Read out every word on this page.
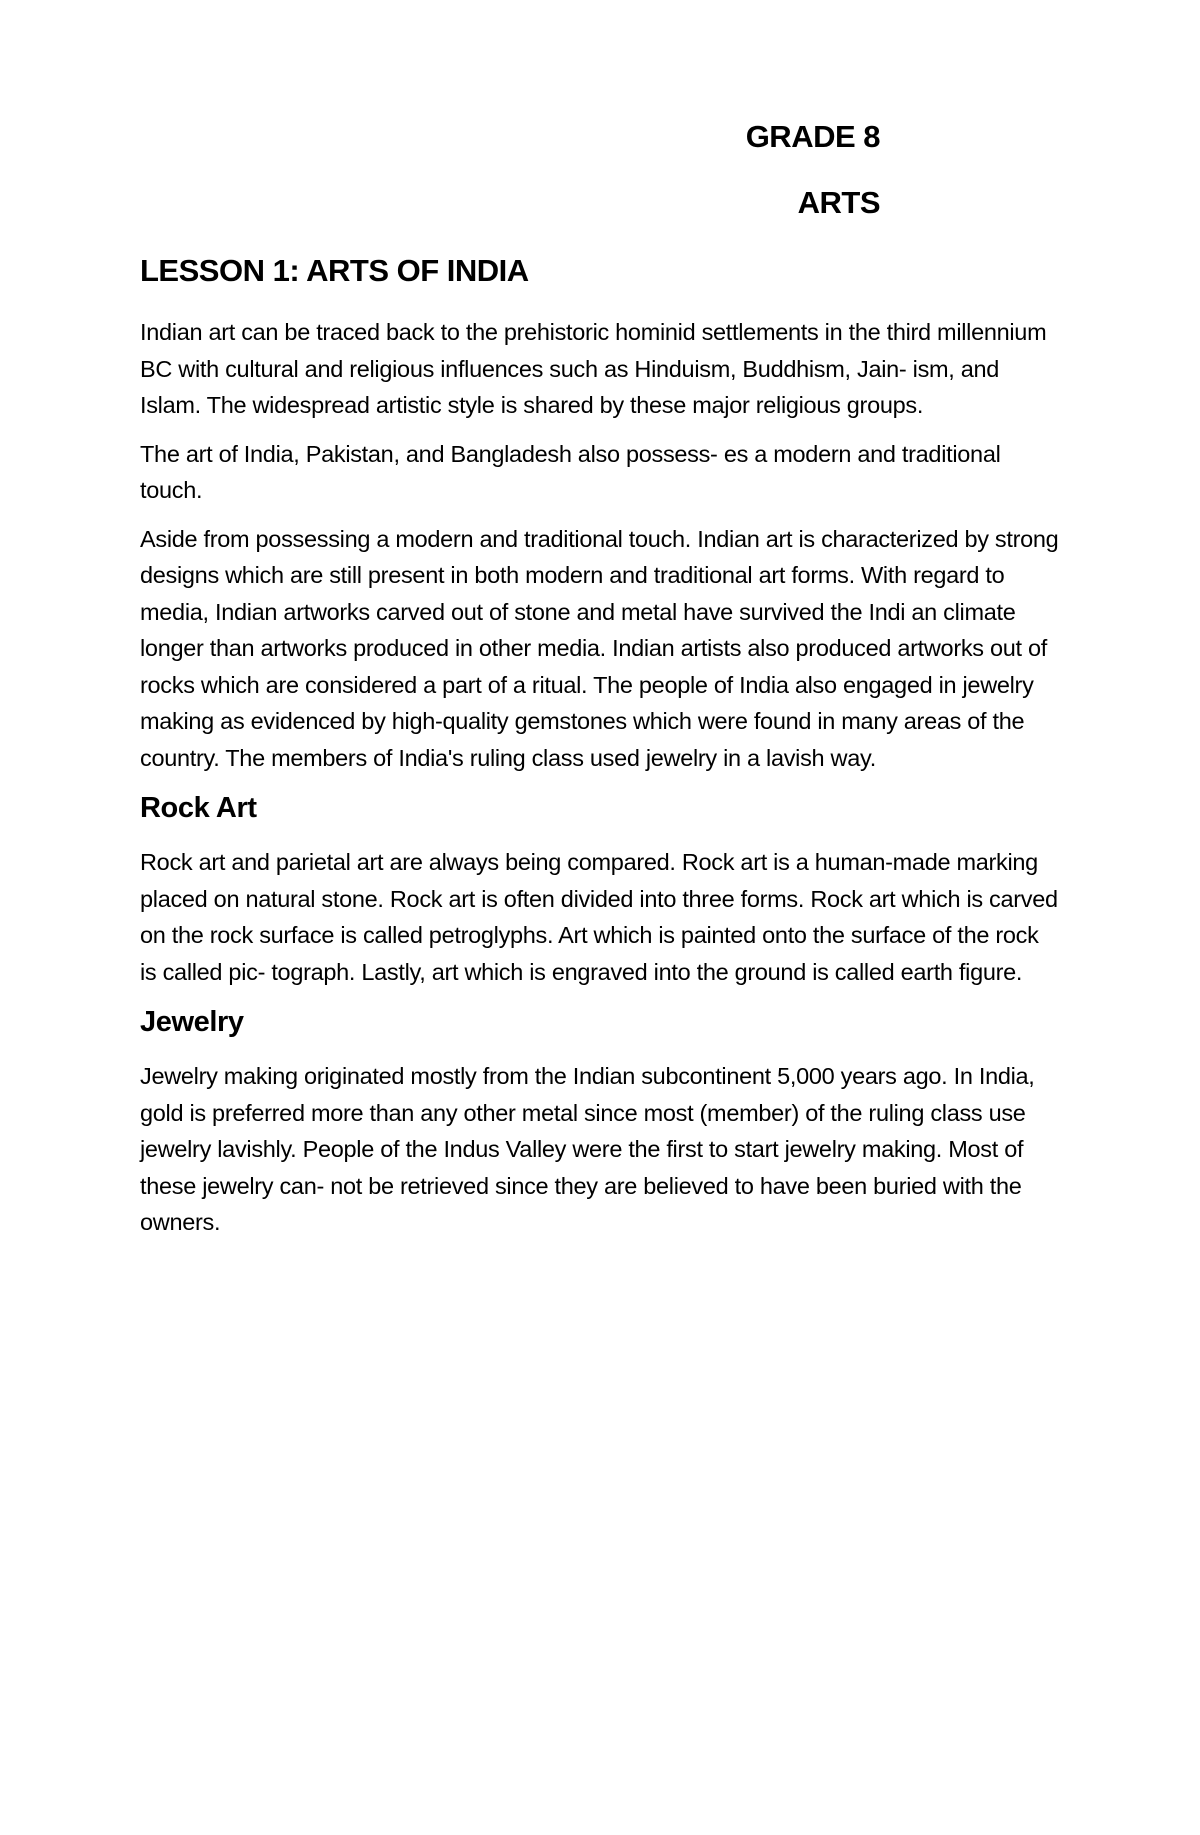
GRADE 8
ARTS
LESSON 1: ARTS OF INDIA

Indian art can be traced back to the prehistoric hominid settlements in the third millennium BC with cultural and religious influences such as Hinduism, Buddhism, Jain- ism, and Islam. The widespread artistic style is shared by these major religious groups.

The art of India, Pakistan, and Bangladesh also possess- es a modern and traditional touch.

Aside from possessing a modern and traditional touch. Indian art is characterized by strong designs which are still present in both modern and traditional art forms. With regard to media, Indian artworks carved out of stone and metal have survived the Indi an climate longer than artworks produced in other media. Indian artists also produced artworks out of rocks which are considered a part of a ritual. The people of India also engaged in jewelry making as evidenced by high-quality gemstones which were found in many areas of the country. The members of India's ruling class used jewelry in a lavish way.

Rock Art

Rock art and parietal art are always being compared. Rock art is a human-made marking placed on natural stone. Rock art is often divided into three forms. Rock art which is carved on the rock surface is called petroglyphs. Art which is painted onto the surface of the rock is called pic- tograph. Lastly, art which is engraved into the ground is called earth figure.

Jewelry

Jewelry making originated mostly from the Indian subcontinent 5,000 years ago. In India, gold is preferred more than any other metal since most (member) of the ruling class use jewelry lavishly. People of the Indus Valley were the first to start jewelry making. Most of these jewelry can- not be retrieved since they are believed to have been buried with the owners.
